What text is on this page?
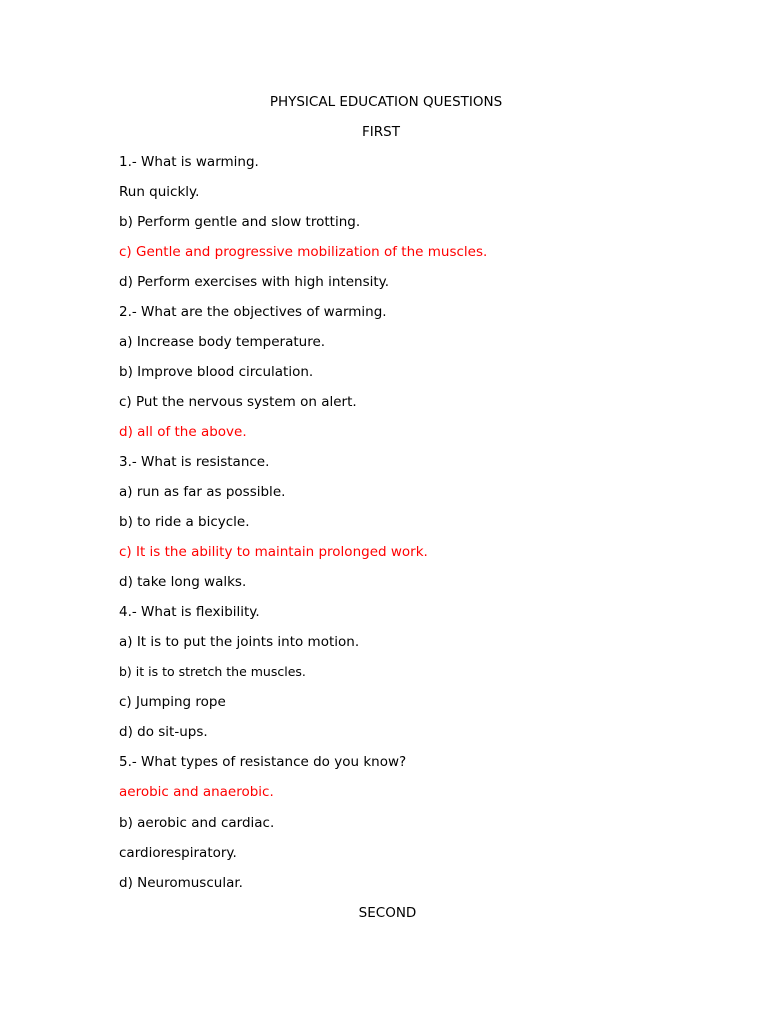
PHYSICAL EDUCATION QUESTIONS
FIRST
1.- What is warming.
Run quickly.
b) Perform gentle and slow trotting.
c) Gentle and progressive mobilization of the muscles.
d) Perform exercises with high intensity.
2.- What are the objectives of warming.
a) Increase body temperature.
b) Improve blood circulation.
c) Put the nervous system on alert.
d) all of the above.
3.- What is resistance.
a) run as far as possible.
b) to ride a bicycle.
c) It is the ability to maintain prolonged work.
d) take long walks.
4.- What is flexibility.
a) It is to put the joints into motion.
b) it is to stretch the muscles.
c) Jumping rope
d) do sit-ups.
5.- What types of resistance do you know?
aerobic and anaerobic.
b) aerobic and cardiac.
cardiorespiratory.
d) Neuromuscular.
SECOND
